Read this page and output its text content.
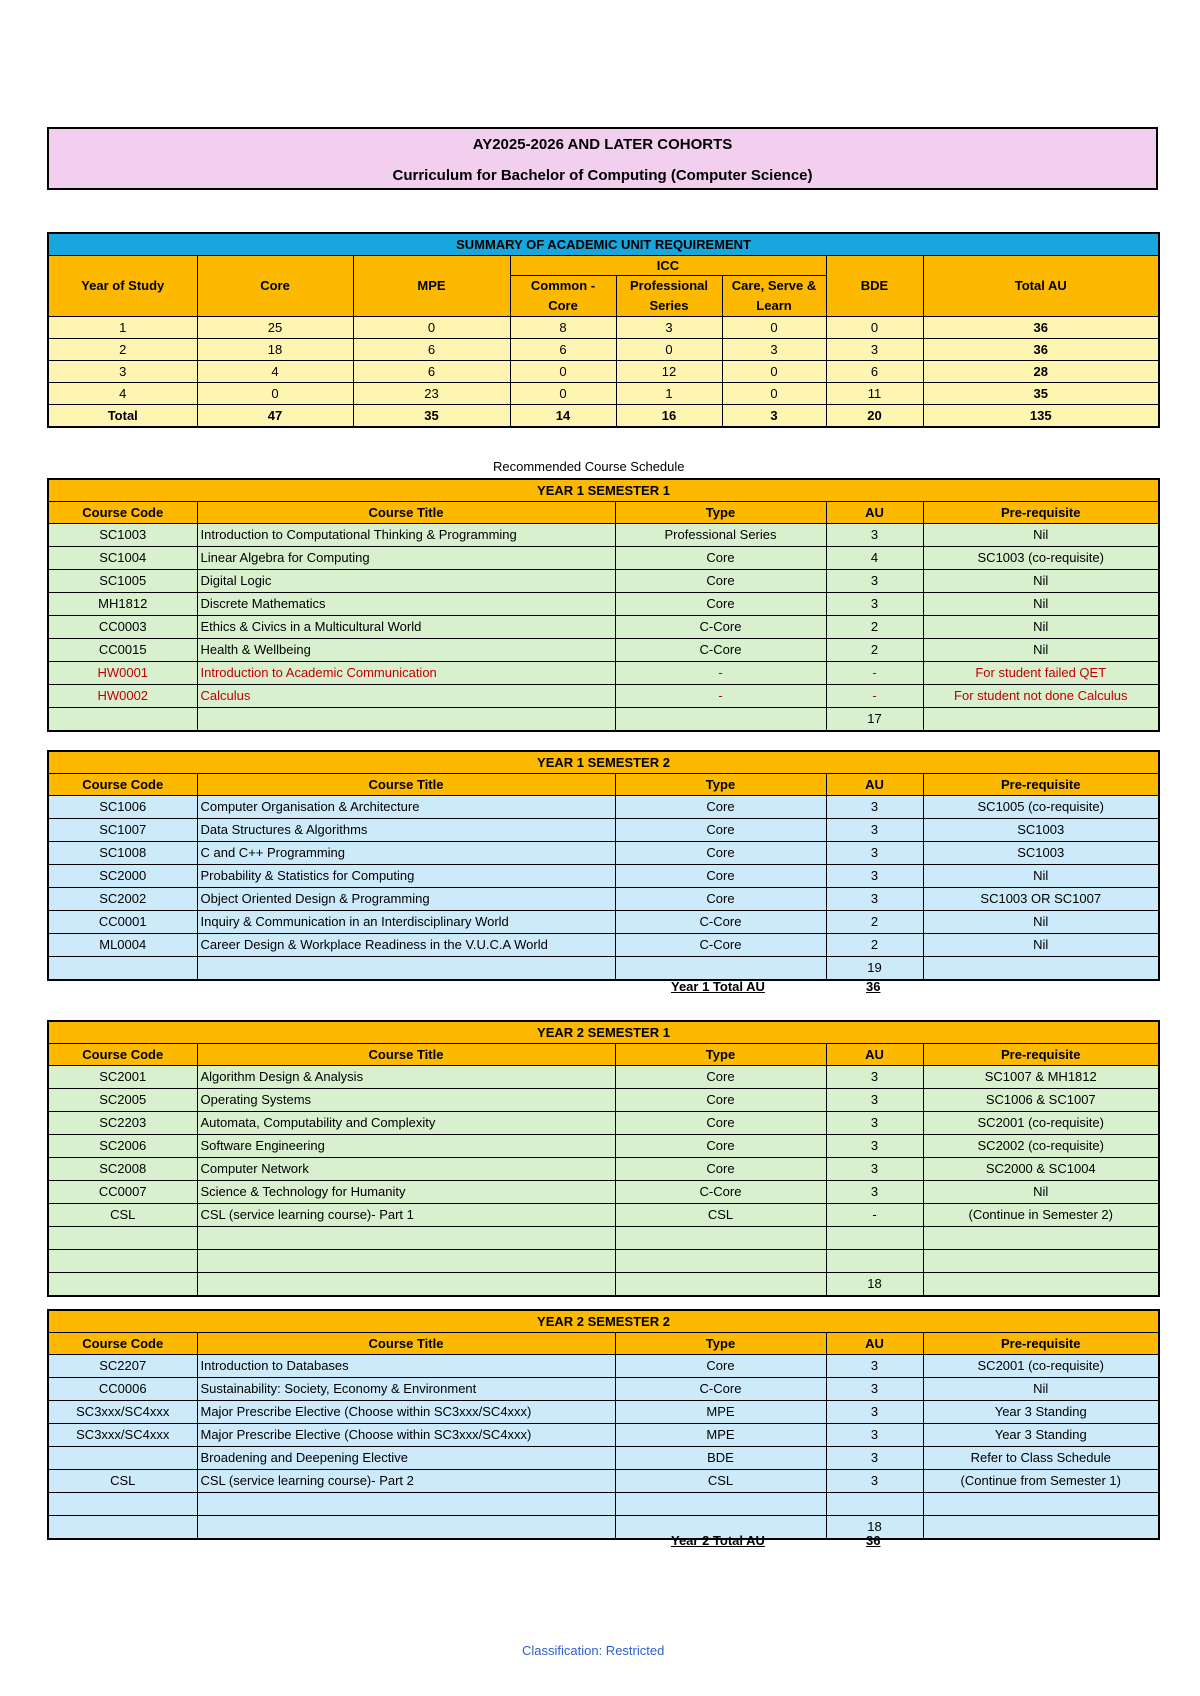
AY2025-2026 AND LATER COHORTS
Curriculum for Bachelor of Computing (Computer Science)
SUMMARY OF ACADEMIC UNIT REQUIREMENT							
Year of Study	Core	MPE	ICC			BDE	Total AU
			Common -	Professional	Care, Serve &		
			Core	Series	Learn		
1	25	0	8	3	0	0	36
2	18	6	6	0	3	3	36
3	4	6	0	12	0	6	28
4	0	23	0	1	0	11	35
Total	47	35	14	16	3	20	135
Recommended Course Schedule
YEAR 1 SEMESTER 1				
Course Code	Course Title	Type	AU	Pre-requisite
SC1003	Introduction to Computational Thinking & Programming	Professional Series	3	Nil
SC1004	Linear Algebra for Computing	Core	4	SC1003 (co-requisite)
SC1005	Digital Logic	Core	3	Nil
MH1812	Discrete Mathematics	Core	3	Nil
CC0003	Ethics & Civics in a Multicultural World	C-Core	2	Nil
CC0015	Health & Wellbeing	C-Core	2	Nil
HW0001	Introduction to Academic Communication	-	-	For student failed QET
HW0002	Calculus	-	-	For student not done Calculus
			17	
YEAR 1 SEMESTER 2				
Course Code	Course Title	Type	AU	Pre-requisite
SC1006	Computer Organisation & Architecture	Core	3	SC1005 (co-requisite)
SC1007	Data Structures & Algorithms	Core	3	SC1003
SC1008	C and C++ Programming	Core	3	SC1003
SC2000	Probability & Statistics for Computing	Core	3	Nil
SC2002	Object Oriented Design & Programming	Core	3	SC1003 OR SC1007
CC0001	Inquiry & Communication in an Interdisciplinary World	C-Core	2	Nil
ML0004	Career Design & Workplace Readiness in the V.U.C.A World	C-Core	2	Nil
			19	
Year 1 Total AU	36
YEAR 2 SEMESTER 1				
Course Code	Course Title	Type	AU	Pre-requisite
SC2001	Algorithm Design & Analysis	Core	3	SC1007 & MH1812
SC2005	Operating Systems	Core	3	SC1006 & SC1007
SC2203	Automata, Computability and Complexity	Core	3	SC2001 (co-requisite)
SC2006	Software Engineering	Core	3	SC2002 (co-requisite)
SC2008	Computer Network	Core	3	SC2000 & SC1004
CC0007	Science & Technology for Humanity	C-Core	3	Nil
CSL	CSL (service learning course)- Part 1	CSL	-	(Continue in Semester 2)

			18	
YEAR 2 SEMESTER 2				
Course Code	Course Title	Type	AU	Pre-requisite
SC2207	Introduction to Databases	Core	3	SC2001 (co-requisite)
CC0006	Sustainability: Society, Economy & Environment	C-Core	3	Nil
SC3xxx/SC4xxx	Major Prescribe Elective (Choose within SC3xxx/SC4xxx)	MPE	3	Year 3 Standing
SC3xxx/SC4xxx	Major Prescribe Elective (Choose within SC3xxx/SC4xxx)	MPE	3	Year 3 Standing
	Broadening and Deepening Elective	BDE	3	Refer to Class Schedule
CSL	CSL (service learning course)- Part 2	CSL	3	(Continue from Semester 1)

			18	
Year 2 Total AU	36
Classification: Restricted
